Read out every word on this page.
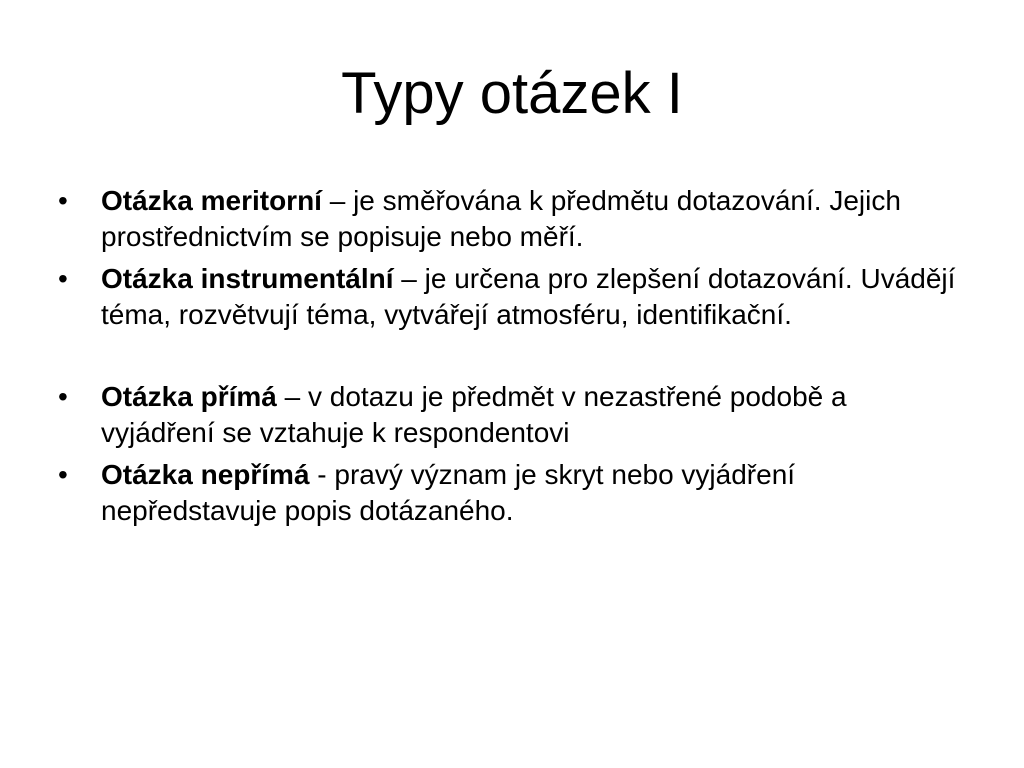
Typy otázek I
•	Otázka meritorní – je směřována k předmětu dotazování. Jejich prostřednictvím se popisuje nebo měří.
•	Otázka instrumentální – je určena pro zlepšení dotazování. Uvádějí téma, rozvětvují téma, vytvářejí atmosféru, identifikační.
•	Otázka přímá – v dotazu je předmět v nezastřené podobě a vyjádření se vztahuje k respondentovi
•	Otázka nepřímá - pravý význam je skryt nebo vyjádření nepředstavuje popis dotázaného.
